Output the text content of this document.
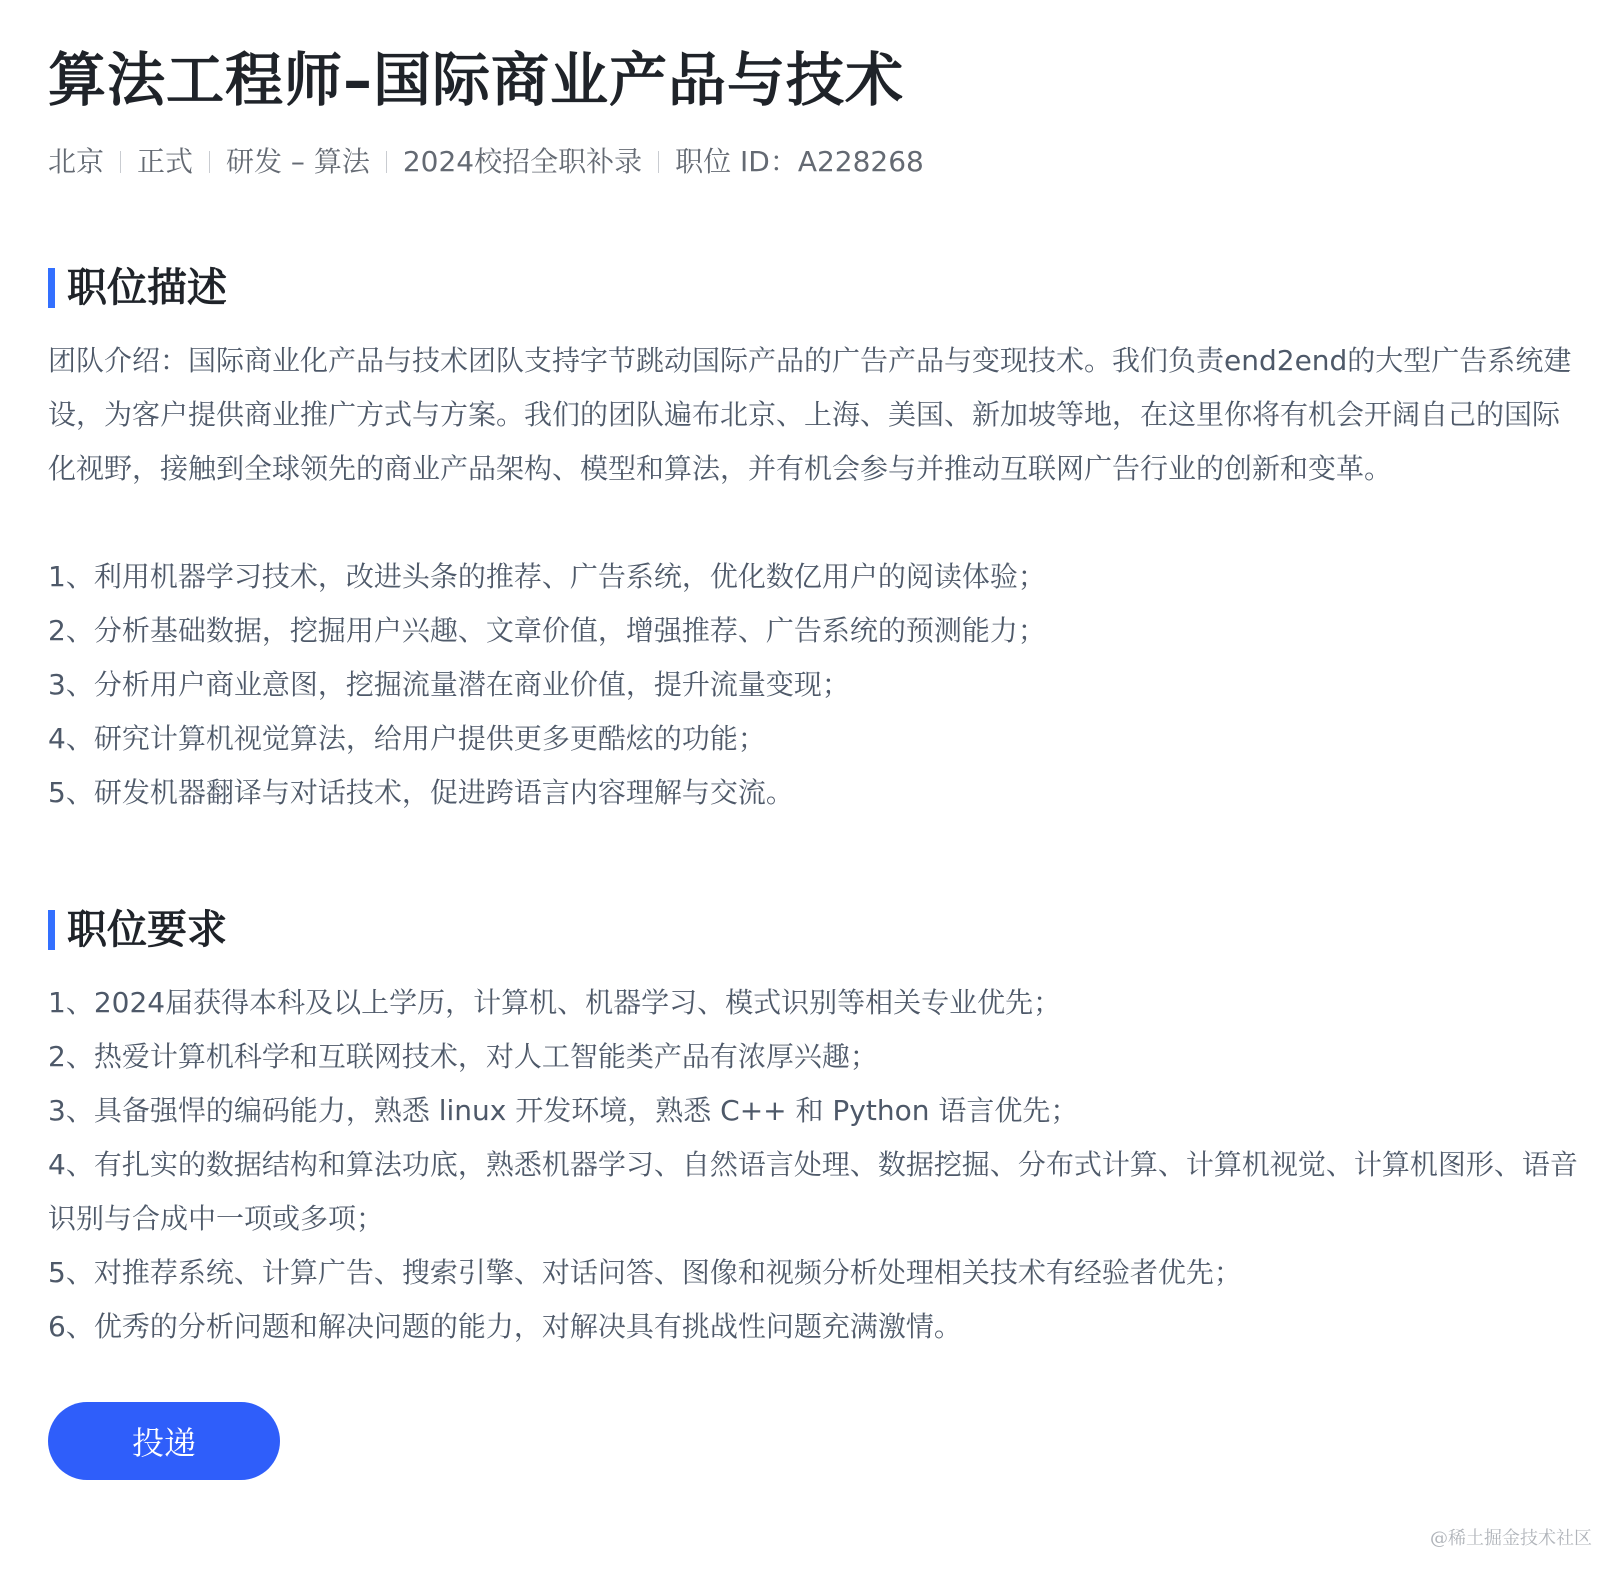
算法工程师–国际商业产品与技术
北京 正式 研发 – 算法 2024校招全职补录 职位 ID：A228268
职位描述

团队介绍：国际商业化产品与技术团队支持字节跳动国际产品的广告产品与变现技术。我们负责end2end的大型广告系统建设，为客户提供商业推广方式与方案。我们的团队遍布北京、上海、美国、新加坡等地，在这里你将有机会开阔自己的国际化视野，接触到全球领先的商业产品架构、模型和算法，并有机会参与并推动互联网广告行业的创新和变革。

1、利用机器学习技术，改进头条的推荐、广告系统，优化数亿用户的阅读体验；
2、分析基础数据，挖掘用户兴趣、文章价值，增强推荐、广告系统的预测能力；
3、分析用户商业意图，挖掘流量潜在商业价值，提升流量变现；
4、研究计算机视觉算法，给用户提供更多更酷炫的功能；
5、研发机器翻译与对话技术，促进跨语言内容理解与交流。
职位要求
1、2024届获得本科及以上学历，计算机、机器学习、模式识别等相关专业优先；
2、热爱计算机科学和互联网技术，对人工智能类产品有浓厚兴趣；
3、具备强悍的编码能力，熟悉 linux 开发环境，熟悉 C++ 和 Python 语言优先；
4、有扎实的数据结构和算法功底，熟悉机器学习、自然语言处理、数据挖掘、分布式计算、计算机视觉、计算机图形、语音识别与合成中一项或多项；
5、对推荐系统、计算广告、搜索引擎、对话问答、图像和视频分析处理相关技术有经验者优先；
6、优秀的分析问题和解决问题的能力，对解决具有挑战性问题充满激情。
投递
@稀土掘金技术社区
